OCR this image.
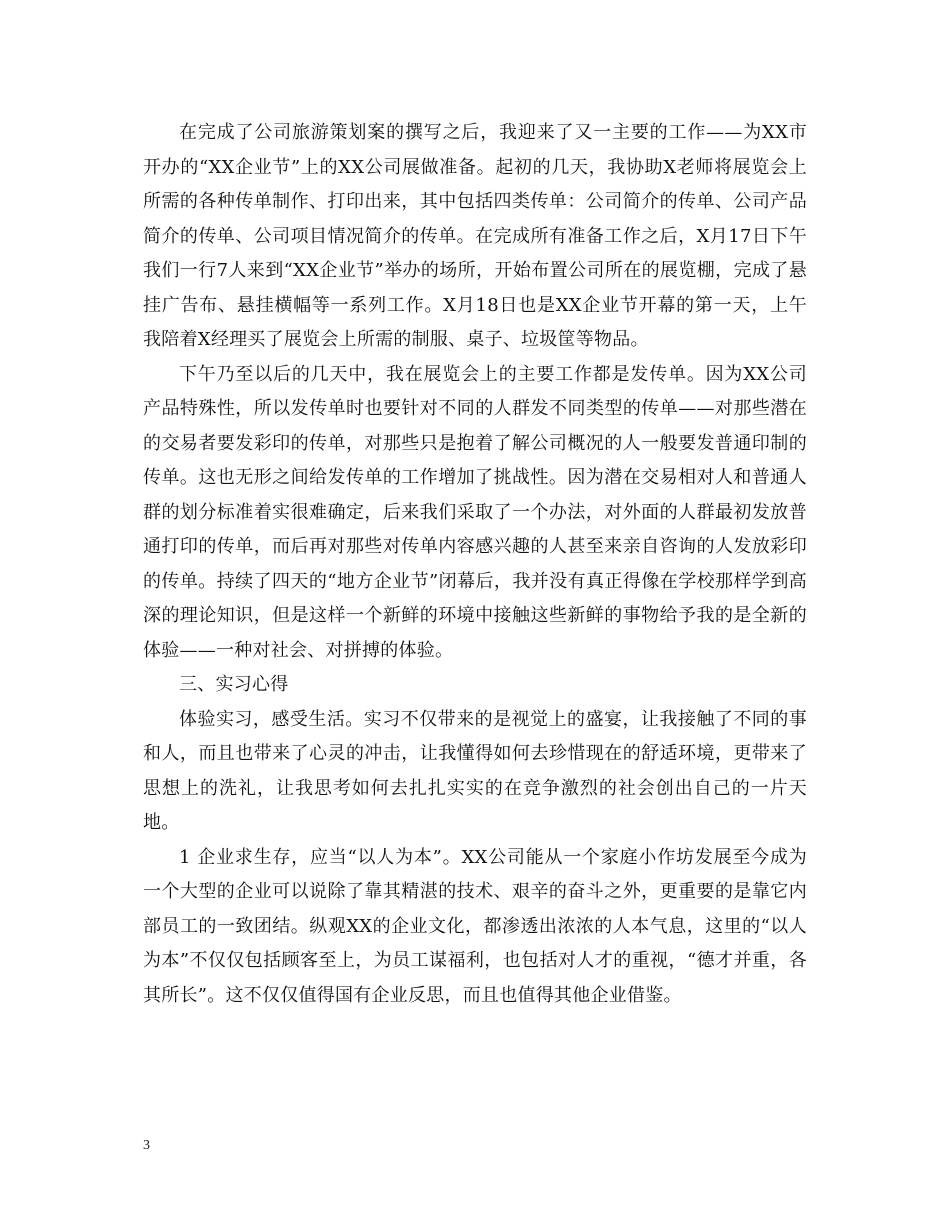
在完成了公司旅游策划案的撰写之后，我迎来了又一主要的工作——为XX市开办的“XX企业节”上的XX公司展做准备。起初的几天，我协助X老师将展览会上所需的各种传单制作、打印出来，其中包括四类传单：公司简介的传单、公司产品简介的传单、公司项目情况简介的传单。在完成所有准备工作之后，X月17日下午我们一行7人来到“XX企业节”举办的场所，开始布置公司所在的展览棚，完成了悬挂广告布、悬挂横幅等一系列工作。X月18日也是XX企业节开幕的第一天，上午我陪着X经理买了展览会上所需的制服、桌子、垃圾筐等物品。

下午乃至以后的几天中，我在展览会上的主要工作都是发传单。因为XX公司产品特殊性，所以发传单时也要针对不同的人群发不同类型的传单——对那些潜在的交易者要发彩印的传单，对那些只是抱着了解公司概况的人一般要发普通印制的传单。这也无形之间给发传单的工作增加了挑战性。因为潜在交易相对人和普通人群的划分标准着实很难确定，后来我们采取了一个办法，对外面的人群最初发放普通打印的传单，而后再对那些对传单内容感兴趣的人甚至来亲自咨询的人发放彩印的传单。持续了四天的“地方企业节”闭幕后，我并没有真正得像在学校那样学到高深的理论知识，但是这样一个新鲜的环境中接触这些新鲜的事物给予我的是全新的体验——一种对社会、对拼搏的体验。

三、实习心得

体验实习，感受生活。实习不仅带来的是视觉上的盛宴，让我接触了不同的事和人，而且也带来了心灵的冲击，让我懂得如何去珍惜现在的舒适环境，更带来了思想上的洗礼，让我思考如何去扎扎实实的在竞争激烈的社会创出自己的一片天地。

1 企业求生存，应当“以人为本”。XX公司能从一个家庭小作坊发展至今成为一个大型的企业可以说除了靠其精湛的技术、艰辛的奋斗之外，更重要的是靠它内部员工的一致团结。纵观XX的企业文化，都渗透出浓浓的人本气息，这里的“以人为本”不仅仅包括顾客至上，为员工谋福利，也包括对人才的重视，“德才并重，各其所长”。这不仅仅值得国有企业反思，而且也值得其他企业借鉴。

3
